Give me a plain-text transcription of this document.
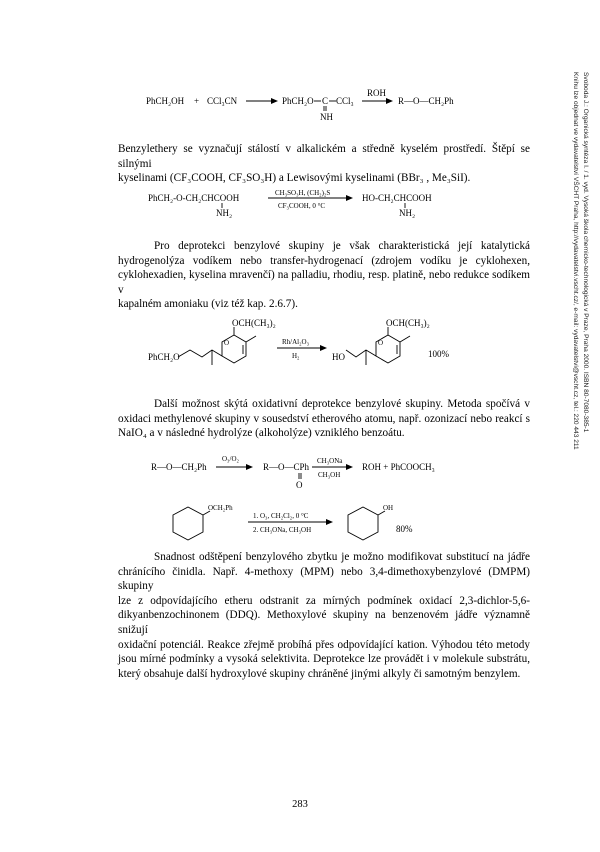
Svoboda J.: Organická syntéza I. / 1. vyd. Vysoká škola chemicko-technologická v Praze, Praha 2000. ISBN 80-7080-385-1
Knihu lze objednat ve vydavatelství VŠCHT Praha, http://vydavatelstvi.vscht.cz/, e-mail: vydavatelstvi@vscht.cz, tel.: 220 443 211
PhCH₂OH + CCl₃CN	PhCH₂O C CCl₃
NH
ROH
R—O—CH₂Ph
Benzylethery se vyznačují stálostí v alkalickém a středně kyselém prostředí. Štěpí se silnými
kyselinami (CF₃COOH, CF₃SO₃H) a Lewisovými kyselinami (BBr₃ , Me₃SiI).
PhCH₂-O-CH₂CHCOOH
NH₂
CH₃SO₃H, (CH₂)₂S
CF₃COOH, 0 °C
HO-CH₂CHCOOH
NH₂
Pro deprotekci benzylové skupiny je však charakteristická její katalytická
hydrogenolýza vodíkem nebo transfer-hydrogenací (zdrojem vodíku je cyklohexen,
cyklohexadien, kyselina mravenčí) na palladiu, rhodiu, resp. platině, nebo redukce sodíkem v
kapalném amoniaku (viz též kap. 2.6.7).
OCH(CH₃)₂
O
PhCH₂O
Rh/Al₂O₃
H₂
OCH(CH₃)₂
O
HO	100%
Další možnost skýtá oxidativní deprotekce benzylové skupiny. Metoda spočívá v
oxidaci methylenové skupiny v sousedství etherového atomu, např. ozonizací nebo reakcí s
NaIO₄ a v následné hydrolýze (alkoholýze) vzniklého benzoátu.
R—O—CH₂Ph
O₃/O₂
R—O—CPh
O
CH₃ONa
CH₃OH
ROH + PhCOOCH₃
OCH₂Ph
1. O₃, CH₂Cl₂, 0 °C
2. CH₃ONa, CH₃OH
OH
80%
Snadnost odštěpení benzylového zbytku je možno modifikovat substitucí na jádře
chránícího činidla. Např. 4-methoxy (MPM) nebo 3,4-dimethoxybenzylové (DMPM) skupiny
lze z odpovídajícího etheru odstranit za mírných podmínek oxidací 2,3-dichlor-5,6-
dikyanbenzochinonem (DDQ). Methoxylové skupiny na benzenovém jádře významně snižují
oxidační potenciál. Reakce zřejmě probíhá přes odpovídající kation. Výhodou této metody
jsou mírné podmínky a vysoká selektivita. Deprotekce lze provádět i v molekule substrátu,
který obsahuje další hydroxylové skupiny chráněné jinými alkyly či samotným benzylem.
283
